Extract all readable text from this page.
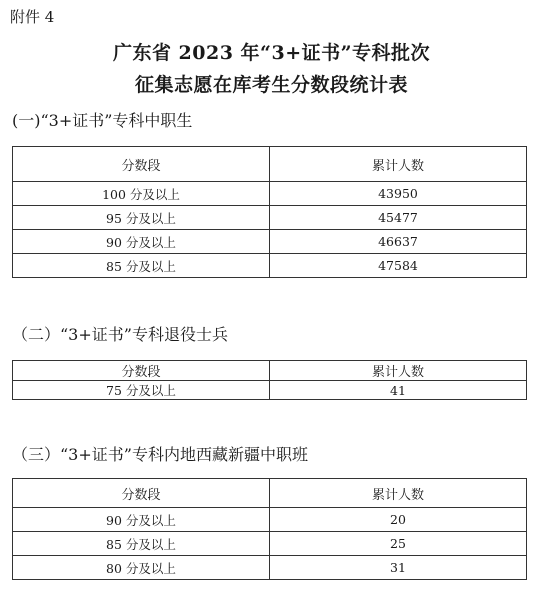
附件 4
广东省 2023 年“3+证书”专科批次
征集志愿在库考生分数段统计表
(一)“3+证书”专科中职生
分数段	累计人数
100 分及以上	43950
95 分及以上	45477
90 分及以上	46637
85 分及以上	47584
（二）“3+证书”专科退役士兵
分数段	累计人数
75 分及以上	41
（三）“3+证书”专科内地西藏新疆中职班
分数段	累计人数
90 分及以上	20
85 分及以上	25
80 分及以上	31
